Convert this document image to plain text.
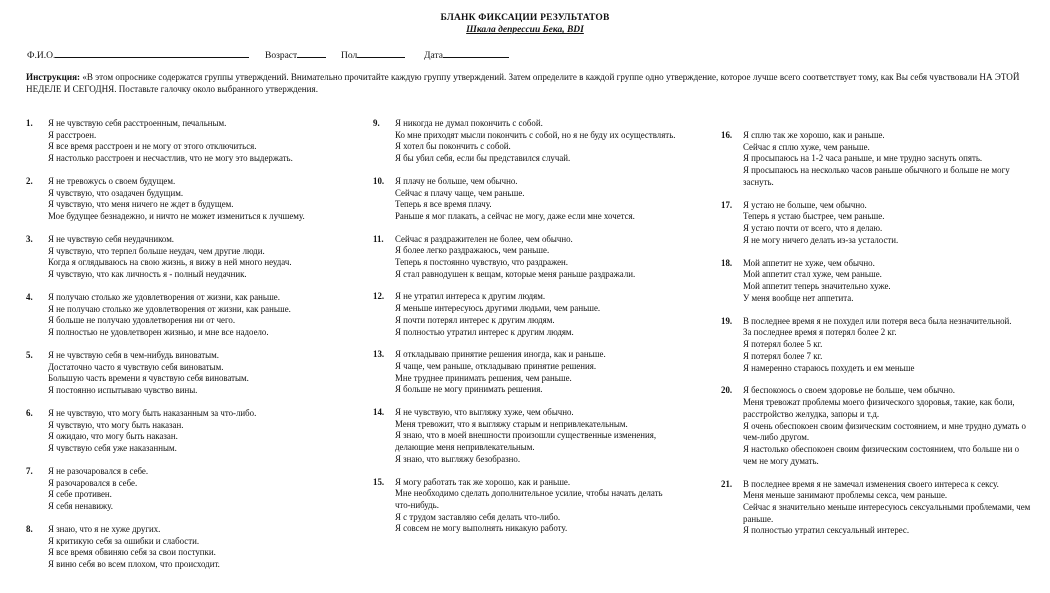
БЛАНК ФИКСАЦИИ РЕЗУЛЬТАТОВ
Шкала депрессии Бека, BDI
Ф.И.О.	Возраст	Пол	Дата
Инструкция: «В этом опроснике содержатся группы утверждений. Внимательно прочитайте каждую группу утверждений. Затем определите в каждой группе одно утверждение, которое лучше всего соответствует тому, как Вы себя чувствовали НА ЭТОЙ НЕДЕЛЕ И СЕГОДНЯ. Поставьте галочку около выбранного утверждения.
1. Я не чувствую себя расстроенным, печальным.
Я расстроен.
Я все время расстроен и не могу от этого отключиться.
Я настолько расстроен и несчастлив, что не могу это выдержать.
2. Я не тревожусь о своем будущем.
Я чувствую, что озадачен будущим.
Я чувствую, что меня ничего не ждет в будущем.
Мое будущее безнадежно, и ничто не может измениться к лучшему.
3. Я не чувствую себя неудачником.
Я чувствую, что терпел больше неудач, чем другие люди.
Когда я оглядываюсь на свою жизнь, я вижу в ней много неудач.
Я чувствую, что как личность я - полный неудачник.
4. Я получаю столько же удовлетворения от жизни, как раньше.
Я не получаю столько же удовлетворения от жизни, как раньше.
Я больше не получаю удовлетворения ни от чего.
Я полностью не удовлетворен жизнью, и мне все надоело.
5. Я не чувствую себя в чем-нибудь виноватым.
Достаточно часто я чувствую себя виноватым.
Большую часть времени я чувствую себя виноватым.
Я постоянно испытываю чувство вины.
6. Я не чувствую, что могу быть наказанным за что-либо.
Я чувствую, что могу быть наказан.
Я ожидаю, что могу быть наказан.
Я чувствую себя уже наказанным.
7. Я не разочаровался в себе.
Я разочаровался в себе.
Я себе противен.
Я себя ненавижу.
8. Я знаю, что я не хуже других.
Я критикую себя за ошибки и слабости.
Я все время обвиняю себя за свои поступки.
Я виню себя во всем плохом, что происходит.
9. Я никогда не думал покончить с собой.
Ко мне приходят мысли покончить с собой, но я не буду их осуществлять.
Я хотел бы покончить с собой.
Я бы убил себя, если бы представился случай.
10. Я плачу не больше, чем обычно.
Сейчас я плачу чаще, чем раньше.
Теперь я все время плачу.
Раньше я мог плакать, а сейчас не могу, даже если мне хочется.
11. Сейчас я раздражителен не более, чем обычно.
Я более легко раздражаюсь, чем раньше.
Теперь я постоянно чувствую, что раздражен.
Я стал равнодушен к вещам, которые меня раньше раздражали.
12. Я не утратил интереса к другим людям.
Я меньше интересуюсь другими людьми, чем раньше.
Я почти потерял интерес к другим людям.
Я полностью утратил интерес к другим людям.
13. Я откладываю принятие решения иногда, как и раньше.
Я чаще, чем раньше, откладываю принятие решения.
Мне труднее принимать решения, чем раньше.
Я больше не могу принимать решения.
14. Я не чувствую, что выгляжу хуже, чем обычно.
Меня тревожит, что я выгляжу старым и непривлекательным.
Я знаю, что в моей внешности произошли существенные изменения, делающие меня непривлекательным.
Я знаю, что выгляжу безобразно.
15. Я могу работать так же хорошо, как и раньше.
Мне необходимо сделать дополнительное усилие, чтобы начать делать что-нибудь.
Я с трудом заставляю себя делать что-либо.
Я совсем не могу выполнять никакую работу.
16. Я сплю так же хорошо, как и раньше.
Сейчас я сплю хуже, чем раньше.
Я просыпаюсь на 1-2 часа раньше, и мне трудно заснуть опять.
Я просыпаюсь на несколько часов раньше обычного и больше не могу заснуть.
17. Я устаю не больше, чем обычно.
Теперь я устаю быстрее, чем раньше.
Я устаю почти от всего, что я делаю.
Я не могу ничего делать из-за усталости.
18. Мой аппетит не хуже, чем обычно.
Мой аппетит стал хуже, чем раньше.
Мой аппетит теперь значительно хуже.
У меня вообще нет аппетита.
19. В последнее время я не похудел или потеря веса была незначительной.
За последнее время я потерял более 2 кг.
Я потерял более 5 кг.
Я потерял более 7 кг.
Я намеренно стараюсь похудеть и ем меньше
20. Я беспокоюсь о своем здоровье не больше, чем обычно.
Меня тревожат проблемы моего физического здоровья, такие, как боли, расстройство желудка, запоры и т.д.
Я очень обеспокоен своим физическим состоянием, и мне трудно думать о чем-либо другом.
Я настолько обеспокоен своим физическим состоянием, что больше ни о чем не могу думать.
21. В последнее время я не замечал изменения своего интереса к сексу.
Меня меньше занимают проблемы секса, чем раньше.
Сейчас я значительно меньше интересуюсь сексуальными проблемами, чем раньше.
Я полностью утратил сексуальный интерес.
